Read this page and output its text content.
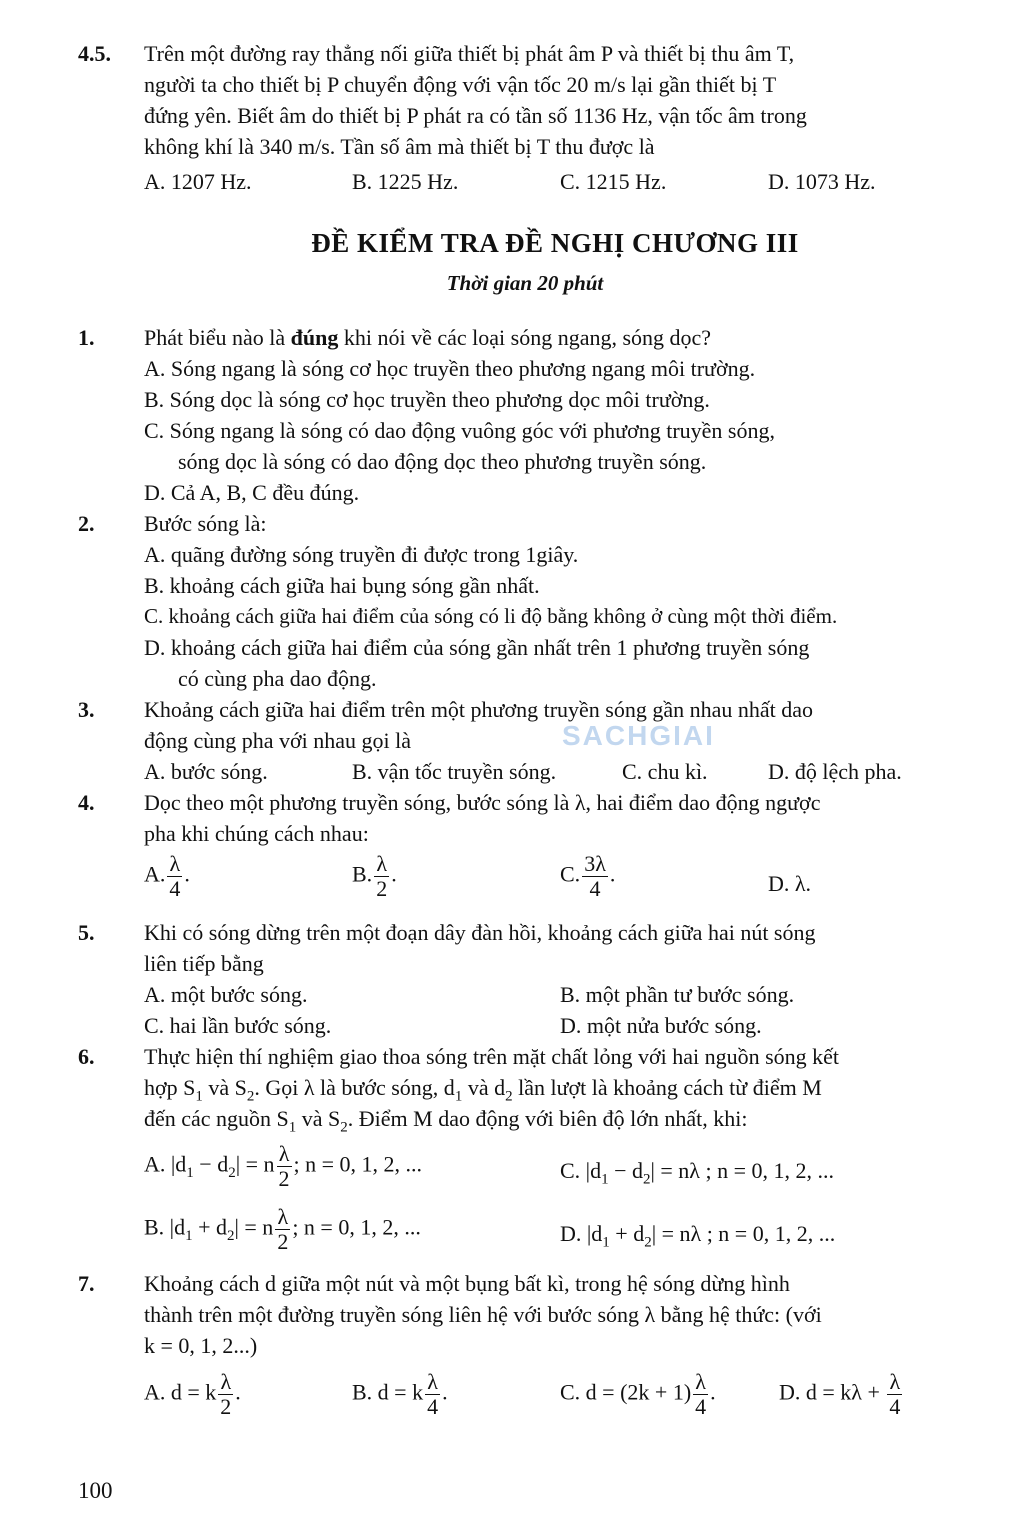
4.5. Trên một đường ray thẳng nối giữa thiết bị phát âm P và thiết bị thu âm T,
người ta cho thiết bị P chuyển động với vận tốc 20 m/s lại gần thiết bị T
đứng yên. Biết âm do thiết bị P phát ra có tần số 1136 Hz, vận tốc âm trong
không khí là 340 m/s. Tần số âm mà thiết bị T thu được là
A. 1207 Hz.	B. 1225 Hz.	C. 1215 Hz.	D. 1073 Hz.
ĐỀ KIỂM TRA ĐỀ NGHỊ CHƯƠNG III
Thời gian 20 phút
1. Phát biểu nào là đúng khi nói về các loại sóng ngang, sóng dọc?
A. Sóng ngang là sóng cơ học truyền theo phương ngang môi trường.
B. Sóng dọc là sóng cơ học truyền theo phương dọc môi trường.
C. Sóng ngang là sóng có dao động vuông góc với phương truyền sóng,
sóng dọc là sóng có dao động dọc theo phương truyền sóng.
D. Cả A, B, C đều đúng.
2. Bước sóng là:
A. quãng đường sóng truyền đi được trong 1giây.
B. khoảng cách giữa hai bụng sóng gần nhất.
C. khoảng cách giữa hai điểm của sóng có li độ bằng không ở cùng một thời điểm.
D. khoảng cách giữa hai điểm của sóng gần nhất trên 1 phương truyền sóng
có cùng pha dao động.
3. Khoảng cách giữa hai điểm trên một phương truyền sóng gần nhau nhất dao
động cùng pha với nhau gọi là
A. bước sóng.	B. vận tốc truyền sóng.	C. chu kì.	D. độ lệch pha.
SACHGIAI
4. Dọc theo một phương truyền sóng, bước sóng là λ, hai điểm dao động ngược
pha khi chúng cách nhau:
A. $\frac{\lambda}{4}$ .	B. $\frac{\lambda}{2}$ .	C. $\frac{3\lambda}{4}$ .	D. λ.
5. Khi có sóng dừng trên một đoạn dây đàn hồi, khoảng cách giữa hai nút sóng
liên tiếp bằng
A. một bước sóng.	B. một phần tư bước sóng.
C. hai lần bước sóng.	D. một nửa bước sóng.
6. Thực hiện thí nghiệm giao thoa sóng trên mặt chất lỏng với hai nguồn sóng kết
hợp $S_1$ và $S_2$. Gọi λ là bước sóng, $d_1$ và $d_2$ lần lượt là khoảng cách từ điểm M
đến các nguồn $S_1$ và $S_2$. Điểm M dao động với biên độ lớn nhất, khi:
A. $|d_1 - d_2| = n \frac{\lambda}{2}$ ; n = 0, 1, 2, ...	C. $|d_1 - d_2| = n\lambda$ ; n = 0, 1, 2, ...
B. $|d_1 + d_2| = n \frac{\lambda}{2}$ ; n = 0, 1, 2, ...	D. $|d_1 + d_2| = n\lambda$ ; n = 0, 1, 2, ...
7. Khoảng cách d giữa một nút và một bụng bất kì, trong hệ sóng dừng hình
thành trên một đường truyền sóng liên hệ với bước sóng λ bằng hệ thức: (với
k = 0, 1, 2...)
A. d = k $\frac{\lambda}{2}$ .	B. d = k $\frac{\lambda}{4}$ .	C. $d = (2k + 1) \frac{\lambda}{4}$ .	D. $d = k\lambda + \frac{\lambda}{4}$
100
